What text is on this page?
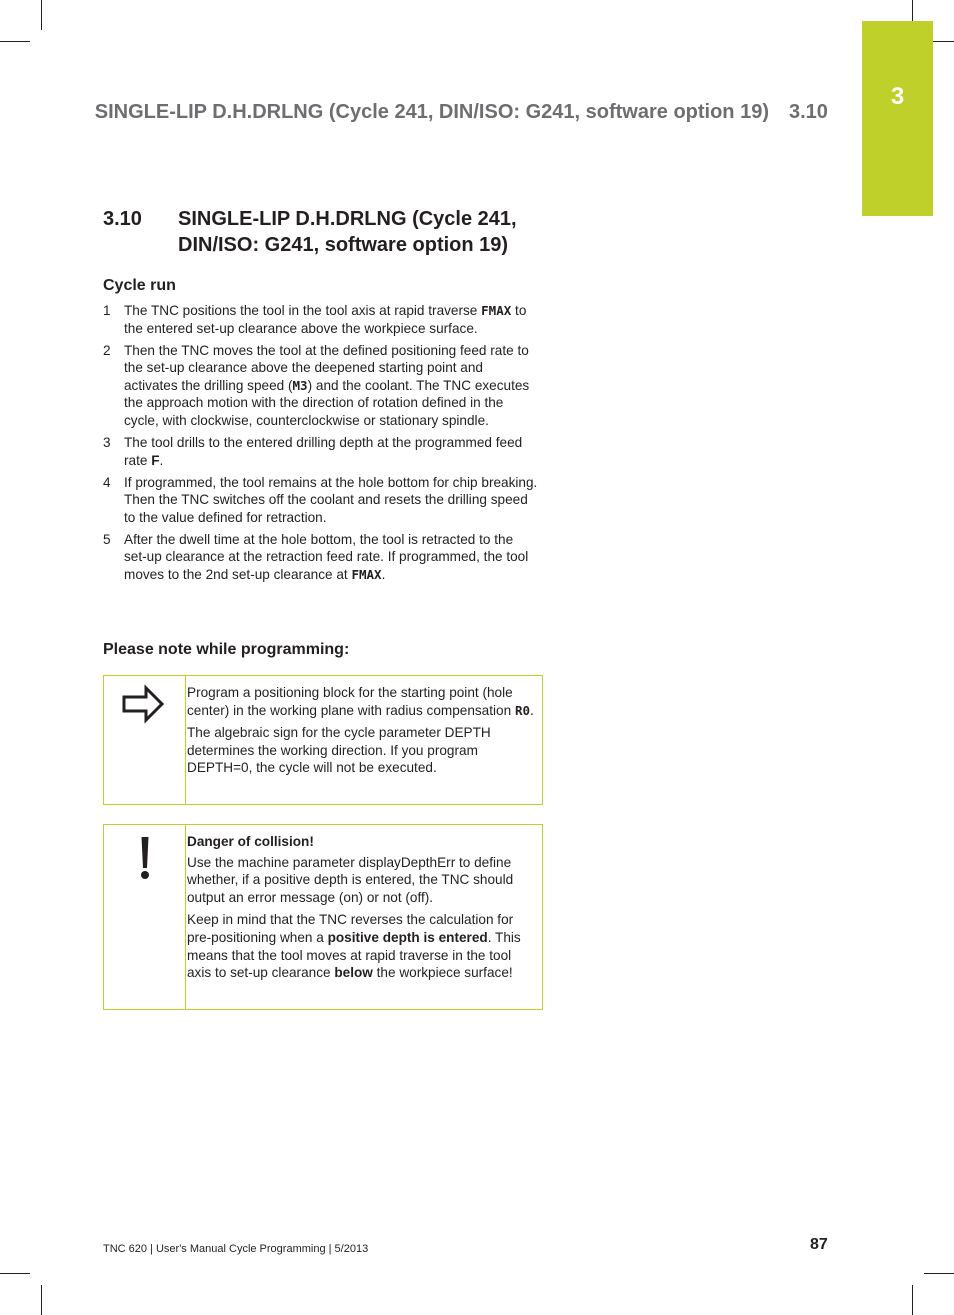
3
SINGLE-LIP D.H.DRLNG (Cycle 241, DIN/ISO: G241, software option 19) 3.10
3.10 SINGLE-LIP D.H.DRLNG (Cycle 241, DIN/ISO: G241, software option 19)
Cycle run
1 The TNC positions the tool in the tool axis at rapid traverse FMAX to the entered set-up clearance above the workpiece surface.
2 Then the TNC moves the tool at the defined positioning feed rate to the set-up clearance above the deepened starting point and activates the drilling speed (M3) and the coolant. The TNC executes the approach motion with the direction of rotation defined in the cycle, with clockwise, counterclockwise or stationary spindle.
3 The tool drills to the entered drilling depth at the programmed feed rate F.
4 If programmed, the tool remains at the hole bottom for chip breaking. Then the TNC switches off the coolant and resets the drilling speed to the value defined for retraction.
5 After the dwell time at the hole bottom, the tool is retracted to the set-up clearance at the retraction feed rate. If programmed, the tool moves to the 2nd set-up clearance at FMAX.
Please note while programming:

Program a positioning block for the starting point (hole center) in the working plane with radius compensation R0.

The algebraic sign for the cycle parameter DEPTH determines the working direction. If you program DEPTH=0, the cycle will not be executed.

Danger of collision!

Use the machine parameter displayDepthErr to define whether, if a positive depth is entered, the TNC should output an error message (on) or not (off).

Keep in mind that the TNC reverses the calculation for pre-positioning when a positive depth is entered. This means that the tool moves at rapid traverse in the tool axis to set-up clearance below the workpiece surface!

TNC 620 | User's Manual Cycle Programming | 5/2013	87
